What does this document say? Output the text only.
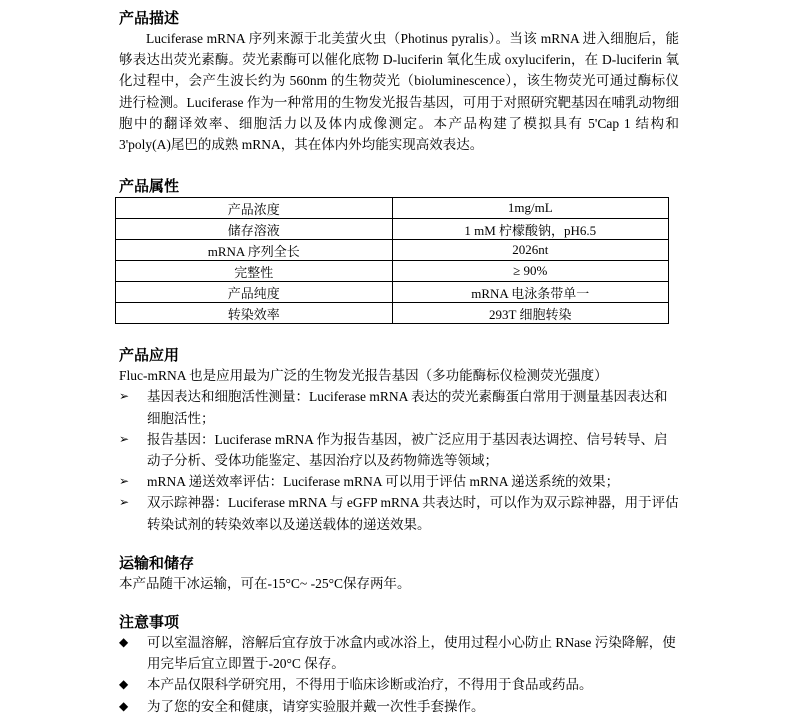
产品描述

Luciferase mRNA 序列来源于北美萤火虫（Photinus pyralis）。当该 mRNA 进入细胞后，能够表达出荧光素酶。荧光素酶可以催化底物 D-luciferin 氧化生成 oxyluciferin，在 D-luciferin 氧化过程中，会产生波长约为 560nm 的生物荧光（bioluminescence），该生物荧光可通过酶标仪进行检测。Luciferase 作为一种常用的生物发光报告基因，可用于对照研究靶基因在哺乳动物细胞中的翻译效率、细胞活力以及体内成像测定。本产品构建了模拟具有 5'Cap 1 结构和 3'poly(A)尾巴的成熟 mRNA，其在体内外均能实现高效表达。

产品属性
产品浓度	1mg/mL
储存溶液	1 mM 柠檬酸钠，pH6.5
mRNA 序列全长	2026nt
完整性	≥ 90%
产品纯度	mRNA 电泳条带单一
转染效率	293T 细胞转染
产品应用

Fluc-mRNA 也是应用最为广泛的生物发光报告基因（多功能酶标仪检测荧光强度）

➢	基因表达和细胞活性测量：Luciferase mRNA 表达的荧光素酶蛋白常用于测量基因表达和细胞活性；
➢	报告基因：Luciferase mRNA 作为报告基因，被广泛应用于基因表达调控、信号转导、启动子分析、受体功能鉴定、基因治疗以及药物筛选等领域；
➢	mRNA 递送效率评估：Luciferase mRNA 可以用于评估 mRNA 递送系统的效果；
➢	双示踪神器：Luciferase mRNA 与 eGFP mRNA 共表达时，可以作为双示踪神器，用于评估转染试剂的转染效率以及递送载体的递送效果。
运输和储存

本产品随干冰运输，可在-15°C~ -25°C保存两年。

注意事项
◆	可以室温溶解，溶解后宜存放于冰盒内或冰浴上，使用过程小心防止 RNase 污染降解，使用完毕后宜立即置于-20°C 保存。
◆	本产品仅限科学研究用，不得用于临床诊断或治疗，不得用于食品或药品。
◆	为了您的安全和健康，请穿实验服并戴一次性手套操作。
